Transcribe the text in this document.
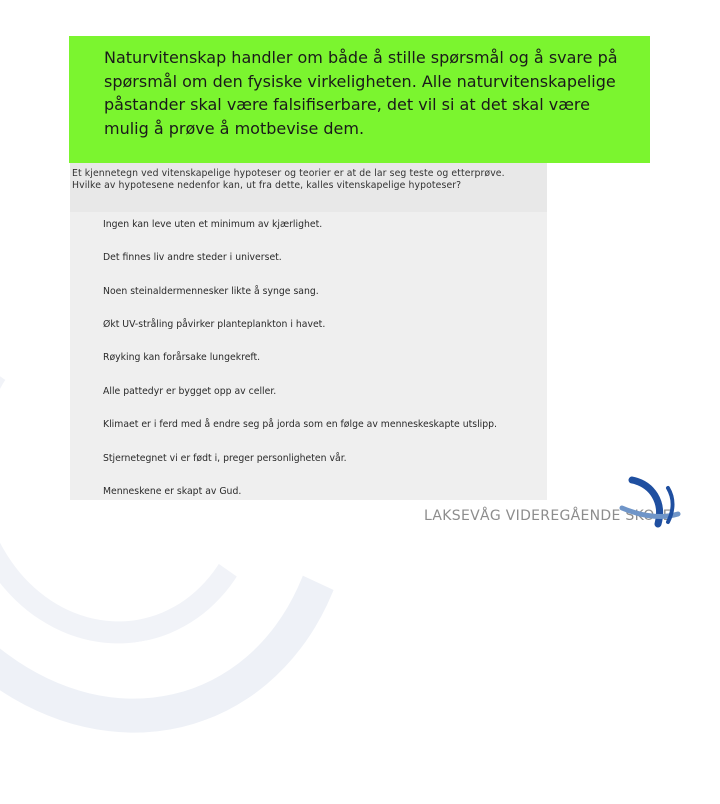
Naturvitenskap handler om både å stille spørsmål og å svare på

spørsmål om den fysiske virkeligheten. Alle naturvitenskapelige

påstander skal være falsifiserbare, det vil si at det skal være

mulig å prøve å motbevise dem.

Et kjennetegn ved vitenskapelige hypoteser og teorier er at de lar seg teste og etterprøve.
Hvilke av hypotesene nedenfor kan, ut fra dette, kalles vitenskapelige hypoteser?
Ingen kan leve uten et minimum av kjærlighet.
Det finnes liv andre steder i universet.
Noen steinaldermennesker likte å synge sang.
Økt UV-stråling påvirker planteplankton i havet.
Røyking kan forårsake lungekreft.
Alle pattedyr er bygget opp av celler.
Klimaet er i ferd med å endre seg på jorda som en følge av menneskeskapte utslipp.
Stjernetegnet vi er født i, preger personligheten vår.
Menneskene er skapt av Gud.
LAKSEVÅG VIDEREGÅENDE SKOLE
